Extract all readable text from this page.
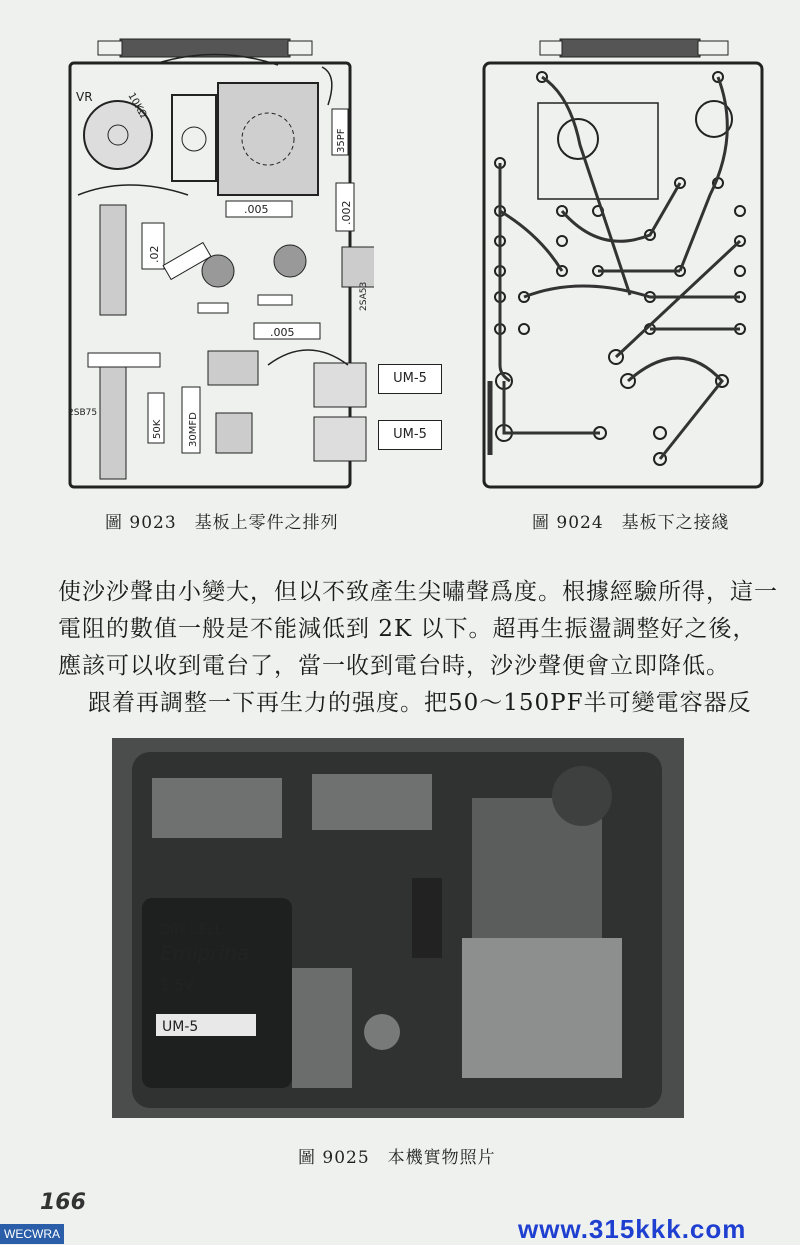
VR	10KΩ
35PF
.005	.002
.02
.005
2SA53
50K	30MFD
2SB75
UM-5
UM-5
圖 9023　基板上零件之排列	圖 9024　基板下之接綫
使沙沙聲由小變大，但以不致產生尖嘯聲爲度。根據經驗所得，這一
電阻的數值一般是不能減低到 2K 以下。超再生振盪調整好之後，
應該可以收到電台了，當一收到電台時，沙沙聲便會立即降低。
跟着再調整一下再生力的强度。把50～150PF半可變電容器反
DRY CELL
Emiprina
1.5V
UM-5
圖 9025　本機實物照片
166
WECWRA	www.315kkk.com
